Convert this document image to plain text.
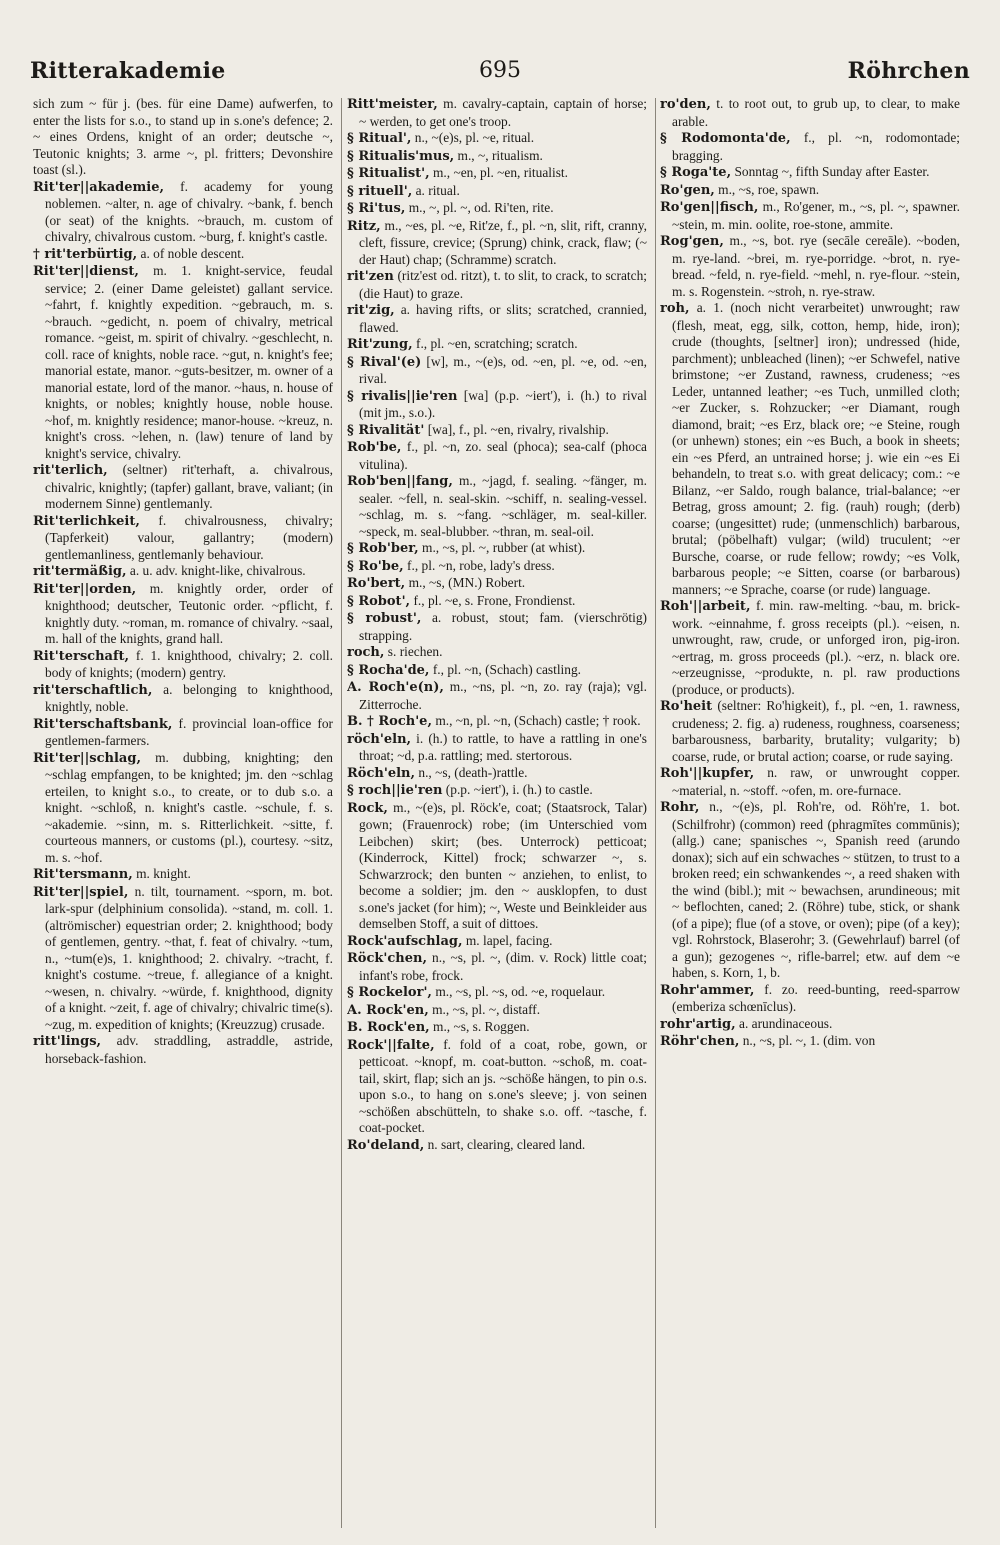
Ritterakademie	695	Röhrchen
sich zum ~ für j. (bes. für eine Dame) aufwerfen, to enter the lists for s.o., to stand up in s.one's defence; 2. ~ eines Ordens, knight of an order; deutsche ~, Teutonic knights; 3. arme ~, pl. fritters; Devonshire toast (sl.).
Rit'ter||akademie, f. academy for young noblemen. ~alter, n. age of chivalry. ~bank, f. bench (or seat) of the knights. ~brauch, m. custom of chivalry, chivalrous custom. ~burg, f. knight's castle.
† rit'terbürtig, a. of noble descent.
Rit'ter||dienst, m. 1. knight-service, feudal service; 2. (einer Dame geleistet) gallant service. ~fahrt, f. knightly expedition. ~gebrauch, m. s. ~brauch. ~gedicht, n. poem of chivalry, metrical romance. ~geist, m. spirit of chivalry. ~geschlecht, n. coll. race of knights, noble race. ~gut, n. knight's fee; manorial estate, manor. ~guts-besitzer, m. owner of a manorial estate, lord of the manor. ~haus, n. house of knights, or nobles; knightly house, noble house. ~hof, m. knightly residence; manor-house. ~kreuz, n. knight's cross. ~lehen, n. (law) tenure of land by knight's service, chivalry.
rit'terlich, (seltner) rit'terhaft, a. chivalrous, chivalric, knightly; (tapfer) gallant, brave, valiant; (in modernem Sinne) gentlemanly.
Rit'terlichkeit, f. chivalrousness, chivalry; (Tapferkeit) valour, gallantry; (modern) gentlemanliness, gentlemanly behaviour.
rit'termäßig, a. u. adv. knight-like, chivalrous.
Rit'ter||orden, m. knightly order, order of knighthood; deutscher, Teutonic order. ~pflicht, f. knightly duty. ~roman, m. romance of chivalry. ~saal, m. hall of the knights, grand hall.
Rit'terschaft, f. 1. knighthood, chivalry; 2. coll. body of knights; (modern) gentry.
rit'terschaftlich, a. belonging to knighthood, knightly, noble.
Rit'terschaftsbank, f. provincial loan-office for gentlemen-farmers.
Rit'ter||schlag, m. dubbing, knighting; den ~schlag empfangen, to be knighted; jm. den ~schlag erteilen, to knight s.o., to create, or to dub s.o. a knight. ~schloß, n. knight's castle. ~schule, f. s. ~akademie. ~sinn, m. s. Ritterlichkeit. ~sitte, f. courteous manners, or customs (pl.), courtesy. ~sitz, m. s. ~hof.
Rit'tersmann, m. knight.
Rit'ter||spiel, n. tilt, tournament. ~sporn, m. bot. lark-spur (delphinium consolida). ~stand, m. coll. 1. (altrömischer) equestrian order; 2. knighthood; body of gentlemen, gentry. ~that, f. feat of chivalry. ~tum, n., ~tum(e)s, 1. knighthood; 2. chivalry. ~tracht, f. knight's costume. ~treue, f. allegiance of a knight. ~wesen, n. chivalry. ~würde, f. knighthood, dignity of a knight. ~zeit, f. age of chivalry; chivalric time(s). ~zug, m. expedition of knights; (Kreuzzug) crusade.
ritt'lings, adv. straddling, astraddle, astride, horseback-fashion.
Ritt'meister, m. cavalry-captain, captain of horse; ~ werden, to get one's troop.
§ Ritual', n., ~(e)s, pl. ~e, ritual.
§ Ritualis'mus, m., ~, ritualism.
§ Ritualist', m., ~en, pl. ~en, ritualist.
§ rituell', a. ritual.
§ Ri'tus, m., ~, pl. ~, od. Ri'ten, rite.
Ritz, m., ~es, pl. ~e, Rit'ze, f., pl. ~n, slit, rift, cranny, cleft, fissure, crevice; (Sprung) chink, crack, flaw; (~ der Haut) chap; (Schramme) scratch.
rit'zen (ritz'est od. ritzt), t. to slit, to crack, to scratch; (die Haut) to graze.
rit'zig, a. having rifts, or slits; scratched, crannied, flawed.
Rit'zung, f., pl. ~en, scratching; scratch.
§ Rival'(e) [w], m., ~(e)s, od. ~en, pl. ~e, od. ~en, rival.
§ rivalis||ie'ren [wa] (p.p. ~iert'), i. (h.) to rival (mit jm., s.o.).
§ Rivalität' [wa], f., pl. ~en, rivalry, rivalship.
Rob'be, f., pl. ~n, zo. seal (phoca); sea-calf (phoca vitulina).
Rob'ben||fang, m., ~jagd, f. sealing. ~fänger, m. sealer. ~fell, n. seal-skin. ~schiff, n. sealing-vessel. ~schlag, m. s. ~fang. ~schläger, m. seal-killer. ~speck, m. seal-blubber. ~thran, m. seal-oil.
§ Rob'ber, m., ~s, pl. ~, rubber (at whist).
§ Ro'be, f., pl. ~n, robe, lady's dress.
Ro'bert, m., ~s, (MN.) Robert.
§ Robot', f., pl. ~e, s. Frone, Frondienst.
§ robust', a. robust, stout; fam. (vierschrötig) strapping.
roch, s. riechen.
§ Rocha'de, f., pl. ~n, (Schach) castling.
A. Roch'e(n), m., ~ns, pl. ~n, zo. ray (raja); vgl. Zitterroche.
B. † Roch'e, m., ~n, pl. ~n, (Schach) castle; † rook.
röch'eln, i. (h.) to rattle, to have a rattling in one's throat; ~d, p.a. rattling; med. stertorous.
Röch'eln, n., ~s, (death-)rattle.
§ roch||ie'ren (p.p. ~iert'), i. (h.) to castle.
Rock, m., ~(e)s, pl. Röck'e, coat; (Staatsrock, Talar) gown; (Frauenrock) robe; (im Unterschied vom Leibchen) skirt; (bes. Unterrock) petticoat; (Kinderrock, Kittel) frock; schwarzer ~, s. Schwarzrock; den bunten ~ anziehen, to enlist, to become a soldier; jm. den ~ ausklopfen, to dust s.one's jacket (for him); ~, Weste und Beinkleider aus demselben Stoff, a suit of dittoes.
Rock'aufschlag, m. lapel, facing.
Röck'chen, n., ~s, pl. ~, (dim. v. Rock) little coat; infant's robe, frock.
§ Rockelor', m., ~s, pl. ~s, od. ~e, roquelaur.
A. Rock'en, m., ~s, pl. ~, distaff.
B. Rock'en, m., ~s, s. Roggen.
Rock'||falte, f. fold of a coat, robe, gown, or petticoat. ~knopf, m. coat-button. ~schoß, m. coat-tail, skirt, flap; sich an js. ~schöße hängen, to pin o.s. upon s.o., to hang on s.one's sleeve; j. von seinen ~schößen abschütteln, to shake s.o. off. ~tasche, f. coat-pocket.
Ro'deland, n. sart, clearing, cleared land.
ro'den, t. to root out, to grub up, to clear, to make arable.
§ Rodomonta'de, f., pl. ~n, rodomontade; bragging.
§ Roga'te, Sonntag ~, fifth Sunday after Easter.
Ro'gen, m., ~s, roe, spawn.
Ro'gen||fisch, m., Ro'gener, m., ~s, pl. ~, spawner. ~stein, m. min. oolite, roe-stone, ammite.
Rog'gen, m., ~s, bot. rye (secāle cereāle). ~boden, m. rye-land. ~brei, m. rye-porridge. ~brot, n. rye-bread. ~feld, n. rye-field. ~mehl, n. rye-flour. ~stein, m. s. Rogenstein. ~stroh, n. rye-straw.
roh, a. 1. (noch nicht verarbeitet) unwrought; raw (flesh, meat, egg, silk, cotton, hemp, hide, iron); crude (thoughts, [seltner] iron); undressed (hide, parchment); unbleached (linen); ~er Schwefel, native brimstone; ~er Zustand, rawness, crudeness; ~es Leder, untanned leather; ~es Tuch, unmilled cloth; ~er Zucker, s. Rohzucker; ~er Diamant, rough diamond, brait; ~es Erz, black ore; ~e Steine, rough (or unhewn) stones; ein ~es Buch, a book in sheets; ein ~es Pferd, an untrained horse; j. wie ein ~es Ei behandeln, to treat s.o. with great delicacy; com.: ~e Bilanz, ~er Saldo, rough balance, trial-balance; ~er Betrag, gross amount; 2. fig. (rauh) rough; (derb) coarse; (ungesittet) rude; (unmenschlich) barbarous, brutal; (pöbelhaft) vulgar; (wild) truculent; ~er Bursche, coarse, or rude fellow; rowdy; ~es Volk, barbarous people; ~e Sitten, coarse (or barbarous) manners; ~e Sprache, coarse (or rude) language.
Roh'||arbeit, f. min. raw-melting. ~bau, m. brick-work. ~einnahme, f. gross receipts (pl.). ~eisen, n. unwrought, raw, crude, or unforged iron, pig-iron. ~ertrag, m. gross proceeds (pl.). ~erz, n. black ore. ~erzeugnisse, ~produkte, n. pl. raw productions (produce, or products).
Ro'heit (seltner: Ro'higkeit), f., pl. ~en, 1. rawness, crudeness; 2. fig. a) rudeness, roughness, coarseness; barbarousness, barbarity, brutality; vulgarity; b) coarse, rude, or brutal action; coarse, or rude saying.
Roh'||kupfer, n. raw, or unwrought copper. ~material, n. ~stoff. ~ofen, m. ore-furnace.
Rohr, n., ~(e)s, pl. Roh're, od. Röh're, 1. bot. (Schilfrohr) (common) reed (phragmītes commūnis); (allg.) cane; spanisches ~, Spanish reed (arundo donax); sich auf ein schwaches ~ stützen, to trust to a broken reed; ein schwankendes ~, a reed shaken with the wind (bibl.); mit ~ bewachsen, arundineous; mit ~ beflochten, caned; 2. (Röhre) tube, stick, or shank (of a pipe); flue (of a stove, or oven); pipe (of a key); vgl. Rohrstock, Blaserohr; 3. (Gewehrlauf) barrel (of a gun); gezogenes ~, rifle-barrel; etw. auf dem ~e haben, s. Korn, 1, b.
Rohr'ammer, f. zo. reed-bunting, reed-sparrow (emberiza schœnīclus).
rohr'artig, a. arundinaceous.
Röhr'chen, n., ~s, pl. ~, 1. (dim. von
